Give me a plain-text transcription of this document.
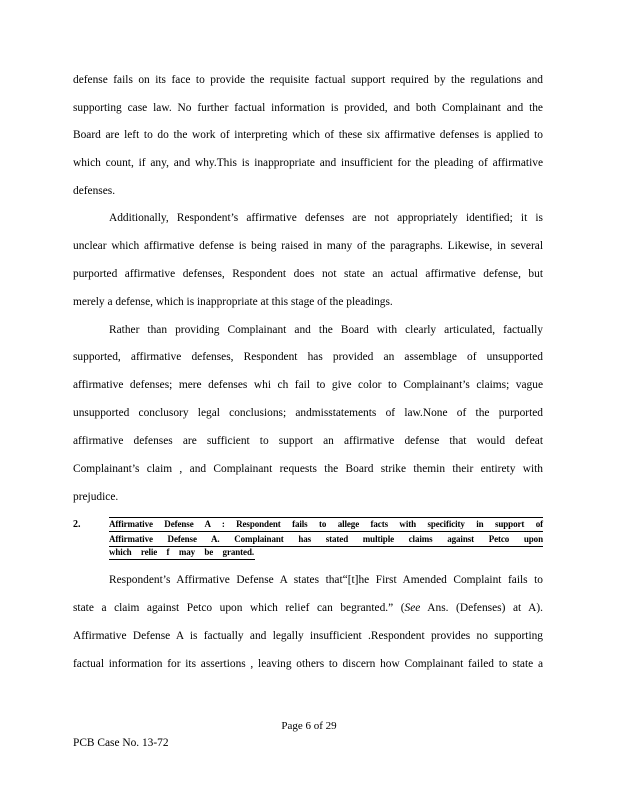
defense fails on its face to provide the requisite factual support required by the regulations and
supporting case law. No further factual information is provided, and both Complainant and the
Board are left to do the work of interpreting which of these six affirmative defenses is applied to
which count, if any, and why.This is inappropriate and insufficient for the pleading of affirmative
defenses.
Additionally, Respondent’s affirmative defenses are not appropriately identified; it is
unclear which affirmative defense is being raised in many of the paragraphs. Likewise, in several
purported affirmative defenses, Respondent does not state an actual affirmative defense, but
merely a defense, which is inappropriate at this stage of the pleadings.
Rather than providing Complainant and the Board with clearly articulated, factually
supported, affirmative defenses, Respondent has provided an assemblage of unsupported
affirmative defenses; mere defenses whi ch fail to give color to Complainant’s claims; vague
unsupported conclusory legal conclusions; andmisstatements of law.None of the purported
affirmative defenses are sufficient to support an affirmative defense that would defeat
Complainant’s claim , and Complainant requests the Board strike themin their entirety with
prejudice.
2.	Affirmative Defense A : Respondent fails to allege facts with specificity in support of
Affirmative Defense A. Complainant has stated multiple claims against Petco upon
which relie f may be granted.
Respondent’s Affirmative Defense A states that“[t]he First Amended Complaint fails to
state a claim against Petco upon which relief can begranted.” (See Ans. (Defenses) at A).
Affirmative Defense A is factually and legally insufficient .Respondent provides no supporting
factual information for its assertions , leaving others to discern how Complainant failed to state a
Page 6 of 29
PCB Case No. 13-72
